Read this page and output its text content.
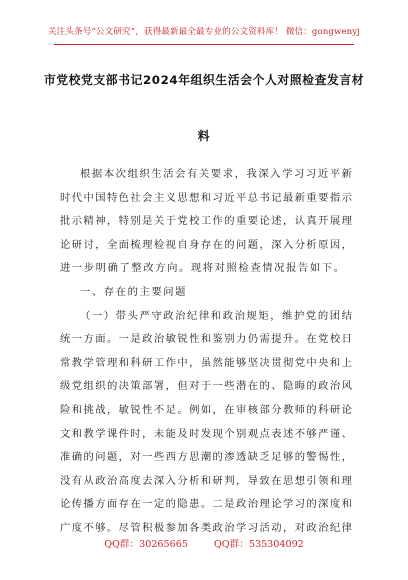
关注头条号“公文研究”，获得最新最全最专业的公文资料库！ 微信：gongwenyj
市党校党支部书记2024年组织生活会个人对照检查发言材
料
根 据 本 次 组 织 生 活 会 有 关 要 求 ， 我 深 入 学 习 习 近 平 新
时 代 中 国 特 色 社 会 主 义 思 想 和 习 近 平 总 书 记 最 新 重 要 指 示
批 示 精 神 ， 特 别 是 关 于 党 校 工 作 的 重 要 论 述 ， 认 真 开 展 理
论 研 讨 ， 全 面 梳 理 检 视 自 身 存 在 的 问 题 ， 深 入 分 析 原 因 ，
进一步明确了整改方向。现将对照检查情况报告如下。
一、存在的主要问题
（ 一 ） 带 头 严 守 政 治 纪 律 和 政 治 规 矩 ， 维 护 党 的 团 结
统 一 方 面 。 一 是 政 治 敏 锐 性 和 鉴 别 力 仍 需 提 升 。 在 党 校 日
常 教 学 管 理 和 科 研 工 作 中 ， 虽 然 能 够 坚 决 贯 彻 党 中 央 和 上
级 党 组 织 的 决 策 部 署 ， 但 对 于 一 些 潜 在 的 、 隐 晦 的 政 治 风
险 和 挑 战 ， 敏 锐 性 不 足 。 例 如 ， 在 审 核 部 分 教 师 的 科 研 论
文 和 教 学 课 件 时 ， 未 能 及 时 发 现 个 别 观 点 表 述 不 够 严 谨 、
准 确 的 问 题 ， 对 一 些 西 方 思 潮 的 渗 透 缺 乏 足 够 的 警 惕 性 ，
没 有 从 政 治 高 度 去 深 入 分 析 和 研 判 ， 导 致 在 思 想 引 领 和 理
论 传 播 方 面 存 在 一 定 的 隐 患 。 二 是 政 治 理 论 学 习 的 深 度 和
广 度 不 够 。 尽 管 积 极 参 加 各 类 政 治 学 习 活 动 ， 对 政 治 纪 律
QQ群：30265665	QQ群：535304092
